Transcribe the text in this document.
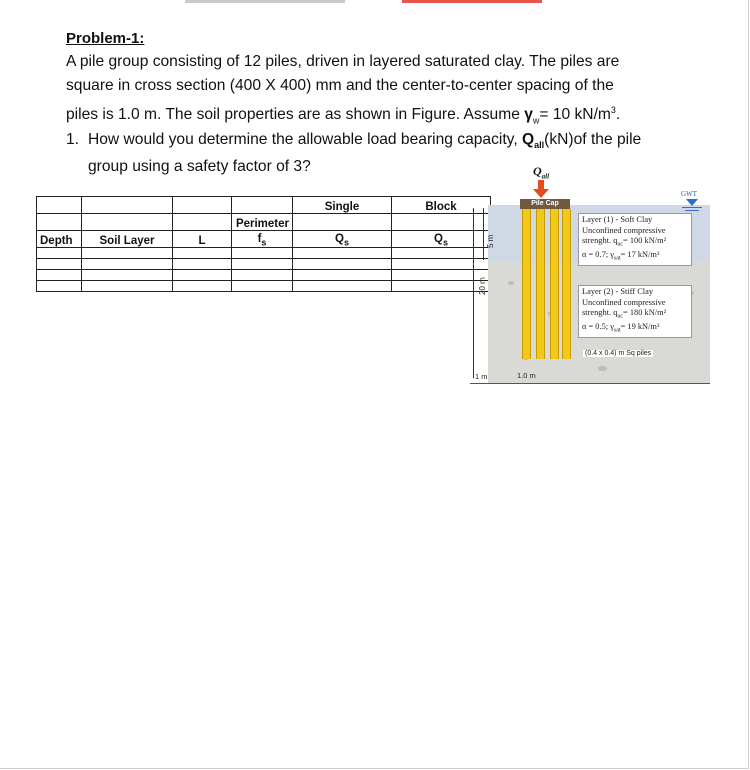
Problem-1:
A pile group consisting of 12 piles, driven in layered saturated clay. The piles are
square in cross section (400 X 400) mm and the center-to-center spacing of the
piles is 1.0 m. The soil properties are as shown in Figure. Assume $\gamma_w= 10$ $kN/m^3$.
1. How would you determine the allowable load bearing capacity, $Q_{all}(kN)of$ the pile
group using a safety factor of 3?
				Single	Block
			Perimeter		
Depth	Soil Layer	L	$f_s$	$Q_s$	$Q_s$

$Q_{all}$
Pile Cap
GWT
Layer (1) - Soft Clay
Unconfined compressive
strenght. $q_{uc}= 100$ kN/m²
α = 0.7; $\gamma_{sat}= 17$ kN/m³
Layer (2) - Stiff Clay
Unconfined compressive
strenght. $q_{uc}= 180$ kN/m²
α = 0.5; $\gamma_{sat}= 19$ kN/m³
(0.4 x 0.4) m Sq piles
20 m
5 m
1 m	1.0 m
